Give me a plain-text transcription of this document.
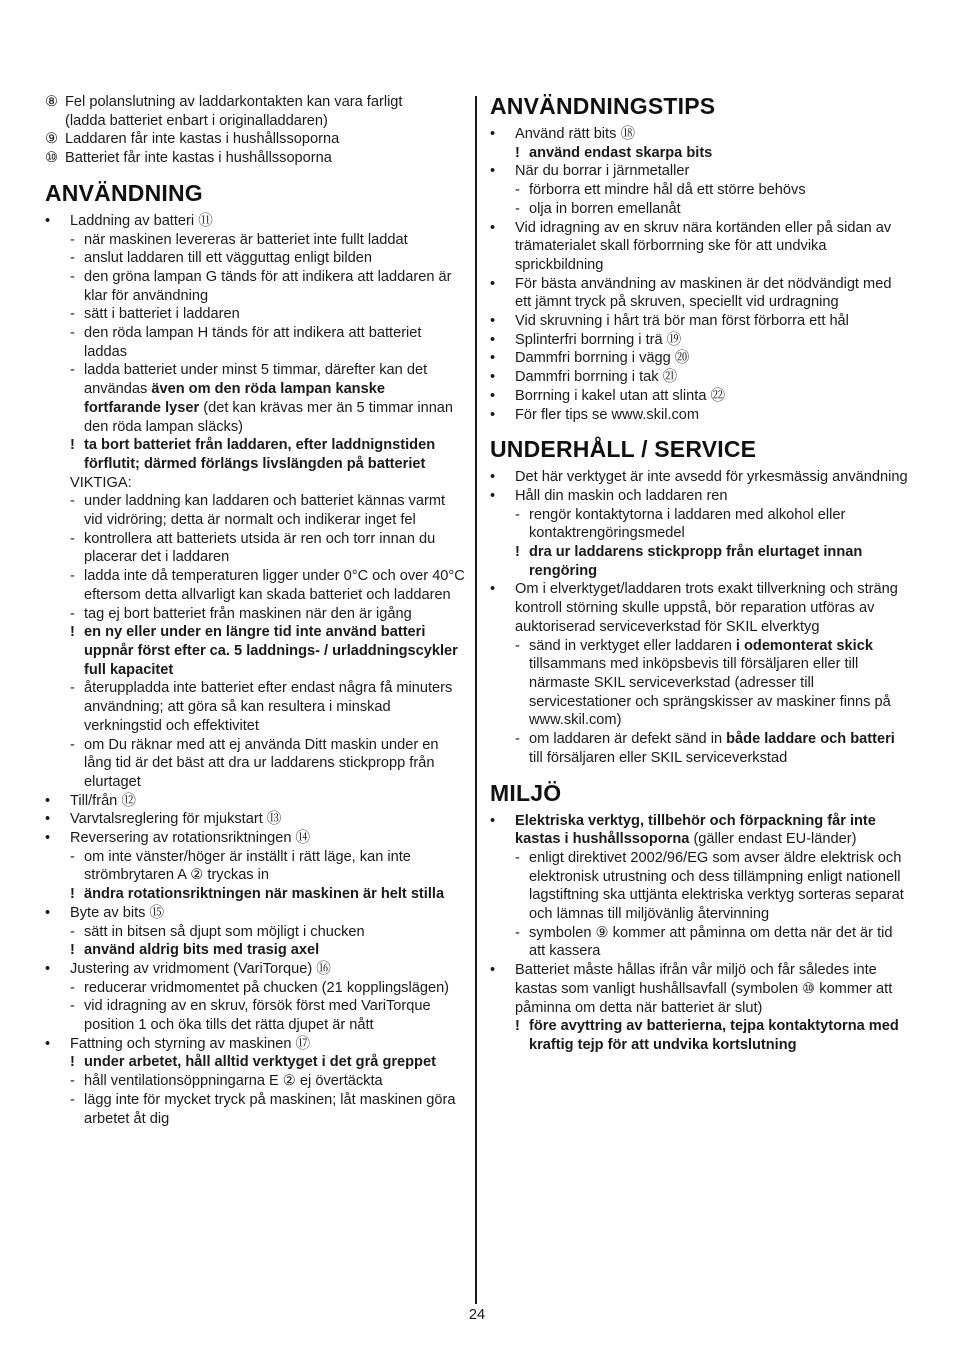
⑧ Fel polanslutning av laddarkontakten kan vara farligt
(ladda batteriet enbart i originalladdaren)
⑨ Laddaren får inte kastas i hushållssoporna
⑩ Batteriet får inte kastas i hushållssoporna
ANVÄNDNING
•	Laddning av batteri ⑪
- när maskinen levereras är batteriet inte fullt laddat
- anslut laddaren till ett vägguttag enligt bilden
- den gröna lampan G tänds för att indikera att laddaren är klar för användning
- sätt i batteriet i laddaren
- den röda lampan H tänds för att indikera att batteriet laddas
- ladda batteriet under minst 5 timmar, därefter kan det användas även om den röda lampan kanske fortfarande lyser (det kan krävas mer än 5 timmar innan den röda lampan släcks)
! ta bort batteriet från laddaren, efter laddnignstiden förflutit; därmed förlängs livslängden på batteriet
VIKTIGA:
- under laddning kan laddaren och batteriet kännas varmt vid vidröring; detta är normalt och indikerar inget fel
- kontrollera att batteriets utsida är ren och torr innan du placerar det i laddaren
- ladda inte då temperaturen ligger under 0°C och over 40°C eftersom detta allvarligt kan skada batteriet och laddaren
- tag ej bort batteriet från maskinen när den är igång
! en ny eller under en längre tid inte använd batteri uppnår först efter ca. 5 laddnings- / urladdningscykler full kapacitet
- återuppladda inte batteriet efter endast några få minuters användning; att göra så kan resultera i minskad verkningstid och effektivitet
- om Du räknar med att ej använda Ditt maskin under en lång tid är det bäst att dra ur laddarens stickpropp från elurtaget
•	Till/från ⑫
•	Varvtalsreglering för mjukstart ⑬
•	Reversering av rotationsriktningen ⑭
- om inte vänster/höger är inställt i rätt läge, kan inte strömbrytaren A ② tryckas in
! ändra rotationsriktningen när maskinen är helt stilla
•	Byte av bits ⑮
- sätt in bitsen så djupt som möjligt i chucken
! använd aldrig bits med trasig axel
•	Justering av vridmoment (VariTorque) ⑯
- reducerar vridmomentet på chucken (21 kopplingslägen)
- vid idragning av en skruv, försök först med VariTorque position 1 och öka tills det rätta djupet är nått
•	Fattning och styrning av maskinen ⑰
! under arbetet, håll alltid verktyget i det grå greppet
- håll ventilationsöppningarna E ② ej övertäckta
- lägg inte för mycket tryck på maskinen; låt maskinen göra arbetet åt dig
ANVÄNDNINGSTIPS
•	Använd rätt bits ⑱
! använd endast skarpa bits
•	När du borrar i järnmetaller
- förborra ett mindre hål då ett större behövs
- olja in borren emellanåt
•	Vid idragning av en skruv nära kortänden eller på sidan av trämaterialet skall förborrning ske för att undvika sprickbildning
•	För bästa användning av maskinen är det nödvändigt med ett jämnt tryck på skruven, speciellt vid urdragning
•	Vid skruvning i hårt trä bör man först förborra ett hål
•	Splinterfri borrning i trä ⑲
•	Dammfri borrning i vägg ⑳
•	Dammfri borrning i tak ㉑
•	Borrning i kakel utan att slinta ㉒
•	För fler tips se www.skil.com
UNDERHÅLL / SERVICE
•	Det här verktyget är inte avsedd för yrkesmässig användning
•	Håll din maskin och laddaren ren
- rengör kontaktytorna i laddaren med alkohol eller kontaktrengöringsmedel
! dra ur laddarens stickpropp från elurtaget innan rengöring
•	Om i elverktyget/laddaren trots exakt tillverkning och sträng kontroll störning skulle uppstå, bör reparation utföras av auktoriserad serviceverkstad för SKIL elverktyg
- sänd in verktyget eller laddaren i odemonterat skick tillsammans med inköpsbevis till försäljaren eller till närmaste SKIL serviceverkstad (adresser till servicestationer och sprängskisser av maskiner finns på www.skil.com)
- om laddaren är defekt sänd in både laddare och batteri till försäljaren eller SKIL serviceverkstad
MILJÖ
•	Elektriska verktyg, tillbehör och förpackning får inte kastas i hushållssoporna (gäller endast EU-länder)
- enligt direktivet 2002/96/EG som avser äldre elektrisk och elektronisk utrustning och dess tillämpning enligt nationell lagstiftning ska uttjänta elektriska verktyg sorteras separat och lämnas till miljövänlig återvinning
- symbolen ⑨ kommer att påminna om detta när det är tid att kassera
•	Batteriet måste hållas ifrån vår miljö och får således inte kastas som vanligt hushållsavfall (symbolen ⑩ kommer att påminna om detta när batteriet är slut)
! före avyttring av batterierna, tejpa kontaktytorna med kraftig tejp för att undvika kortslutning
24
